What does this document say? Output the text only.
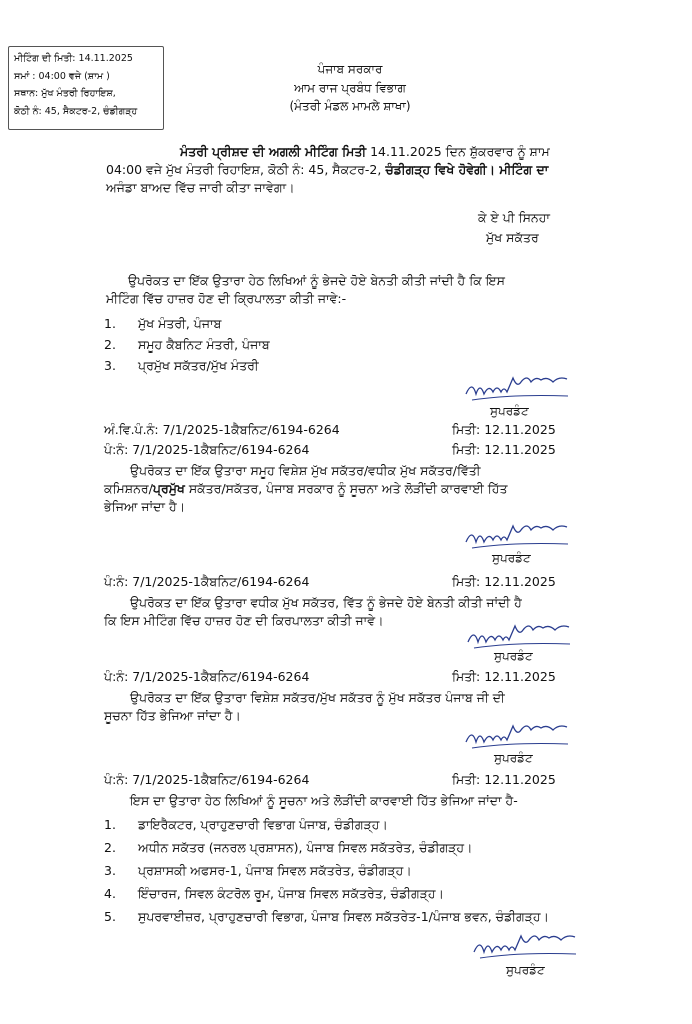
ਮੀਟਿੰਗ ਦੀ ਮਿਤੀ: 14.11.2025
ਸਮਾਂ : 04:00 ਵਜੇ (ਸ਼ਾਮ )
ਸਥਾਨ: ਮੁੱਖ ਮੰਤਰੀ ਰਿਹਾਇਸ਼,
ਕੋਠੀ ਨੰ: 45, ਸੈਕਟਰ-2, ਚੰਡੀਗੜ੍ਹ
ਪੰਜਾਬ ਸਰਕਾਰ
ਆਮ ਰਾਜ ਪ੍ਰਬੰਧ ਵਿਭਾਗ
(ਮੰਤਰੀ ਮੰਡਲ ਮਾਮਲੇ ਸ਼ਾਖਾ)
ਮੰਤਰੀ ਪ੍ਰੀਸ਼ਦ ਦੀ ਅਗਲੀ ਮੀਟਿੰਗ ਮਿਤੀ 14.11.2025 ਦਿਨ ਸ਼ੁੱਕਰਵਾਰ ਨੂੰ ਸ਼ਾਮ
04:00 ਵਜੇ ਮੁੱਖ ਮੰਤਰੀ ਰਿਹਾਇਸ਼, ਕੋਠੀ ਨੰ: 45, ਸੈਕਟਰ-2, ਚੰਡੀਗੜ੍ਹ ਵਿਖੇ ਹੋਵੇਗੀ। ਮੀਟਿੰਗ ਦਾ
ਅਜੰਡਾ ਬਾਅਦ ਵਿੱਚ ਜਾਰੀ ਕੀਤਾ ਜਾਵੇਗਾ।
ਕੇ ਏ ਪੀ ਸਿਨਹਾ
ਮੁੱਖ ਸਕੱਤਰ
ਉਪਰੋਕਤ ਦਾ ਇੱਕ ਉਤਾਰਾ ਹੇਠ ਲਿਖਿਆਂ ਨੂੰ ਭੇਜਦੇ ਹੋਏ ਬੇਨਤੀ ਕੀਤੀ ਜਾਂਦੀ ਹੈ ਕਿ ਇਸ
ਮੀਟਿੰਗ ਵਿੱਚ ਹਾਜ਼ਰ ਹੋਣ ਦੀ ਕ੍ਰਿਪਾਲਤਾ ਕੀਤੀ ਜਾਵੇ:-
1.	ਮੁੱਖ ਮੰਤਰੀ, ਪੰਜਾਬ
2.	ਸਮੂਹ ਕੈਬਨਿਟ ਮੰਤਰੀ, ਪੰਜਾਬ
3.	ਪ੍ਰਮੁੱਖ ਸਕੱਤਰ/ਮੁੱਖ ਮੰਤਰੀ
ਸੁਪਰਡੰਟ
ਅੰ.ਵਿ.ਪੰ.ਨੰ: 7/1/2025-1ਕੈਬਨਿਟ/6194-6264	ਮਿਤੀ: 12.11.2025
ਪੰ:ਨੰ: 7/1/2025-1ਕੈਬਨਿਟ/6194-6264	ਮਿਤੀ: 12.11.2025
ਉਪਰੋਕਤ ਦਾ ਇੱਕ ਉਤਾਰਾ ਸਮੂਹ ਵਿਸ਼ੇਸ਼ ਮੁੱਖ ਸਕੱਤਰ/ਵਧੀਕ ਮੁੱਖ ਸਕੱਤਰ/ਵਿੱਤੀ
ਕਮਿਸ਼ਨਰ/ਪ੍ਰਮੁੱਖ ਸਕੱਤਰ/ਸਕੱਤਰ, ਪੰਜਾਬ ਸਰਕਾਰ ਨੂੰ ਸੂਚਨਾ ਅਤੇ ਲੋੜੀਂਦੀ ਕਾਰਵਾਈ ਹਿੱਤ
ਭੇਜਿਆ ਜਾਂਦਾ ਹੈ।
ਸੁਪਰਡੰਟ
ਪੰ:ਨੰ: 7/1/2025-1ਕੈਬਨਿਟ/6194-6264	ਮਿਤੀ: 12.11.2025
ਉਪਰੋਕਤ ਦਾ ਇੱਕ ਉਤਾਰਾ ਵਧੀਕ ਮੁੱਖ ਸਕੱਤਰ, ਵਿੱਤ ਨੂੰ ਭੇਜਦੇ ਹੋਏ ਬੇਨਤੀ ਕੀਤੀ ਜਾਂਦੀ ਹੈ
ਕਿ ਇਸ ਮੀਟਿੰਗ ਵਿੱਚ ਹਾਜ਼ਰ ਹੋਣ ਦੀ ਕਿਰਪਾਲਤਾ ਕੀਤੀ ਜਾਵੇ।
ਸੁਪਰਡੰਟ
ਪੰ:ਨੰ: 7/1/2025-1ਕੈਬਨਿਟ/6194-6264	ਮਿਤੀ: 12.11.2025
ਉਪਰੋਕਤ ਦਾ ਇੱਕ ਉਤਾਰਾ ਵਿਸ਼ੇਸ਼ ਸਕੱਤਰ/ਮੁੱਖ ਸਕੱਤਰ ਨੂੰ ਮੁੱਖ ਸਕੱਤਰ ਪੰਜਾਬ ਜੀ ਦੀ
ਸੂਚਨਾ ਹਿੱਤ ਭੇਜਿਆ ਜਾਂਦਾ ਹੈ।
ਸੁਪਰਡੰਟ
ਪੰ:ਨੰ: 7/1/2025-1ਕੈਬਨਿਟ/6194-6264	ਮਿਤੀ: 12.11.2025
ਇਸ ਦਾ ਉਤਾਰਾ ਹੇਠ ਲਿਖਿਆਂ ਨੂੰ ਸੂਚਨਾ ਅਤੇ ਲੋੜੀਂਦੀ ਕਾਰਵਾਈ ਹਿੱਤ ਭੇਜਿਆ ਜਾਂਦਾ ਹੈ-
1.	ਡਾਇਰੈਕਟਰ, ਪ੍ਰਾਹੁਣਚਾਰੀ ਵਿਭਾਗ ਪੰਜਾਬ, ਚੰਡੀਗੜ੍ਹ।
2.	ਅਧੀਨ ਸਕੱਤਰ (ਜਨਰਲ ਪ੍ਰਸ਼ਾਸਨ), ਪੰਜਾਬ ਸਿਵਲ ਸਕੱਤਰੇਤ, ਚੰਡੀਗੜ੍ਹ।
3.	ਪ੍ਰਸ਼ਾਸਕੀ ਅਫਸਰ-1, ਪੰਜਾਬ ਸਿਵਲ ਸਕੱਤਰੇਤ, ਚੰਡੀਗੜ੍ਹ।
4.	ਇੰਚਾਰਜ, ਸਿਵਲ ਕੰਟਰੋਲ ਰੂਮ, ਪੰਜਾਬ ਸਿਵਲ ਸਕੱਤਰੇਤ, ਚੰਡੀਗੜ੍ਹ।
5.	ਸੁਪਰਵਾਈਜ਼ਰ, ਪ੍ਰਾਹੁਣਚਾਰੀ ਵਿਭਾਗ, ਪੰਜਾਬ ਸਿਵਲ ਸਕੱਤਰੇਤ-1/ਪੰਜਾਬ ਭਵਨ, ਚੰਡੀਗੜ੍ਹ।
ਸੁਪਰਡੰਟ
